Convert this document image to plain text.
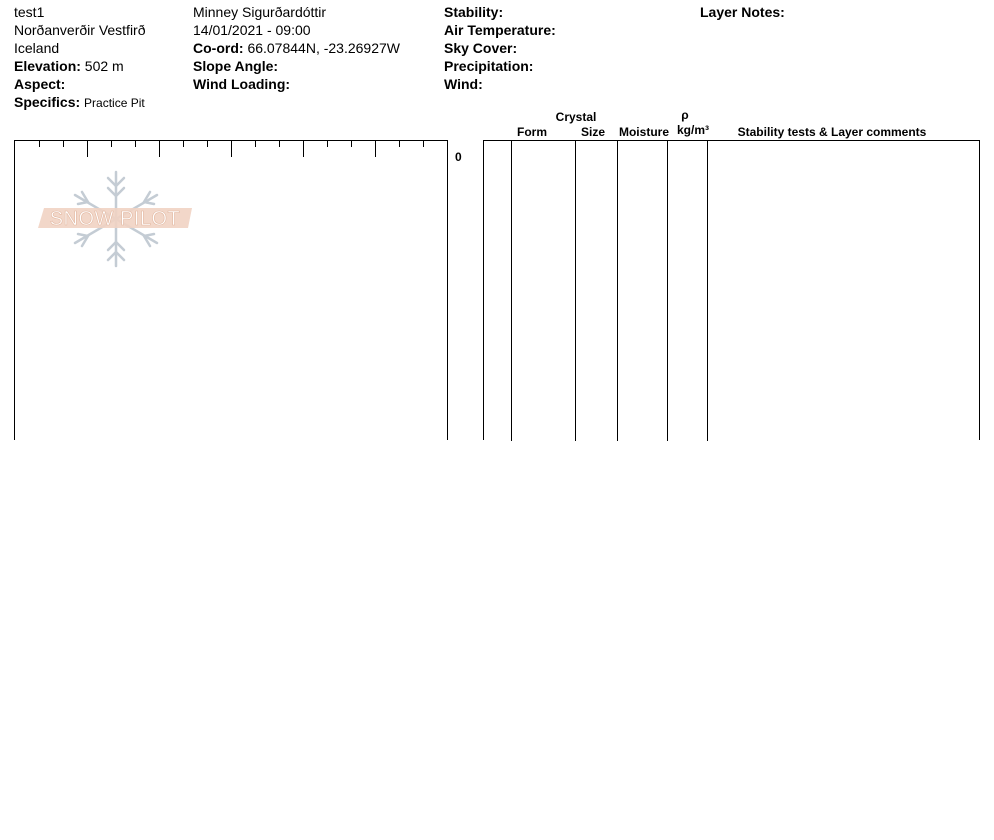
test1
Norðanverðir Vestfirð
Iceland
Elevation: 502 m
Aspect:
Specifics: Practice Pit
Minney Sigurðardóttir
14/01/2021 - 09:00
Co-ord: 66.07844N, -23.26927W
Slope Angle:
Wind Loading:
Stability:
Air Temperature:
Sky Cover:
Precipitation:
Wind:
Layer Notes:
0
SNOW PILOT
Crystal
Form	Size	Moisture
ρ
kg/m³	Stability tests & Layer comments
